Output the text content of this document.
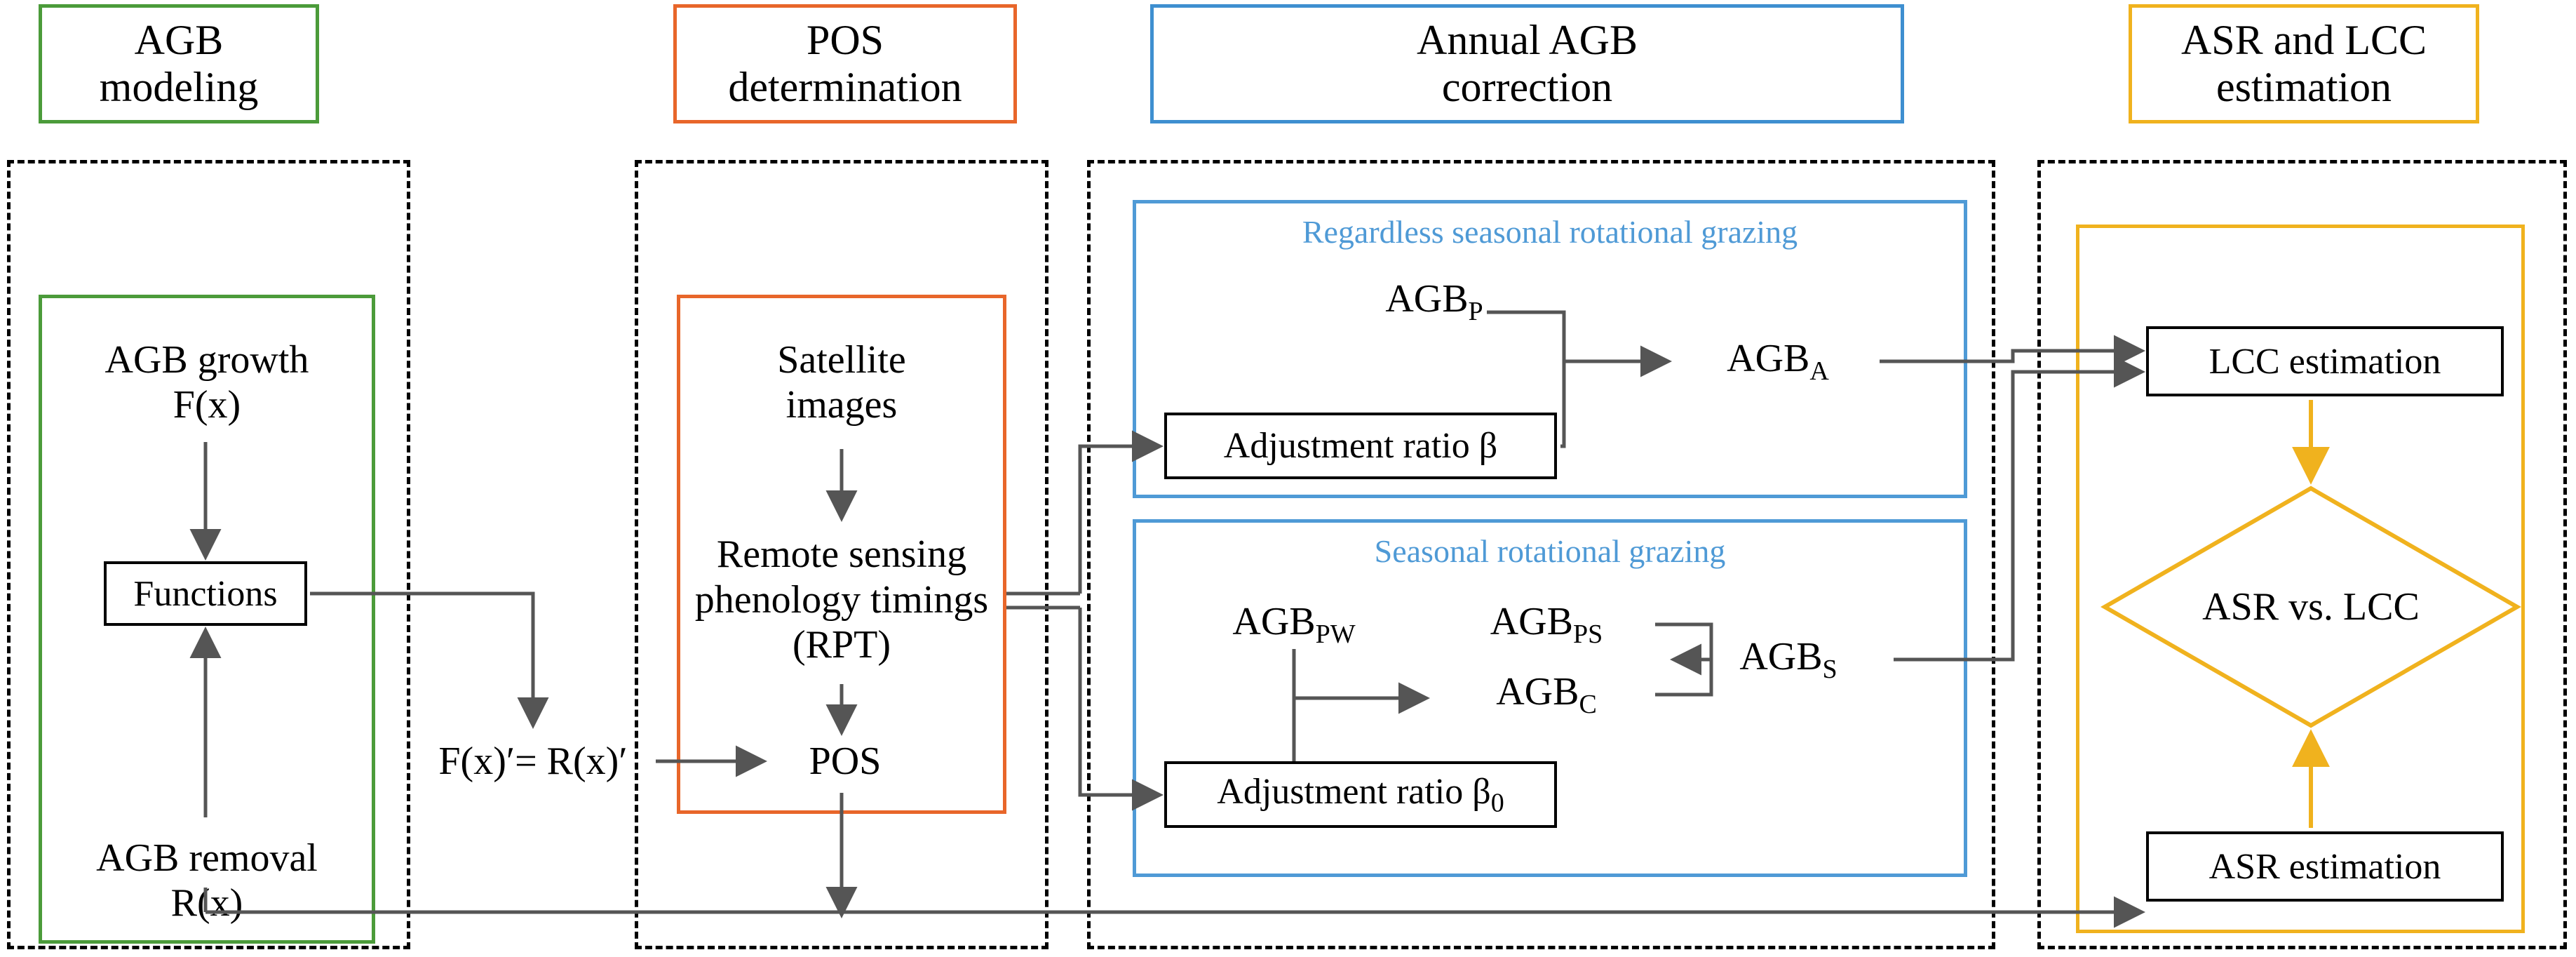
AGB
modeling
POS
determination
Annual AGB
correction
ASR and LCC
estimation
AGB growth
F(x)
Functions
AGB removal
R(x)
F(x)′= R(x)′
Satellite
images
Remote sensing
phenology timings
(RPT)
POS
Regardless seasonal rotational grazing
$AGB_P$
Adjustment ratio β
$AGB_A$
Seasonal rotational grazing
$AGB_{PW}$	$AGB_{PS}$
$AGB_C$
$AGB_S$
Adjustment ratio $\beta_0$
LCC estimation
ASR vs. LCC
ASR estimation
